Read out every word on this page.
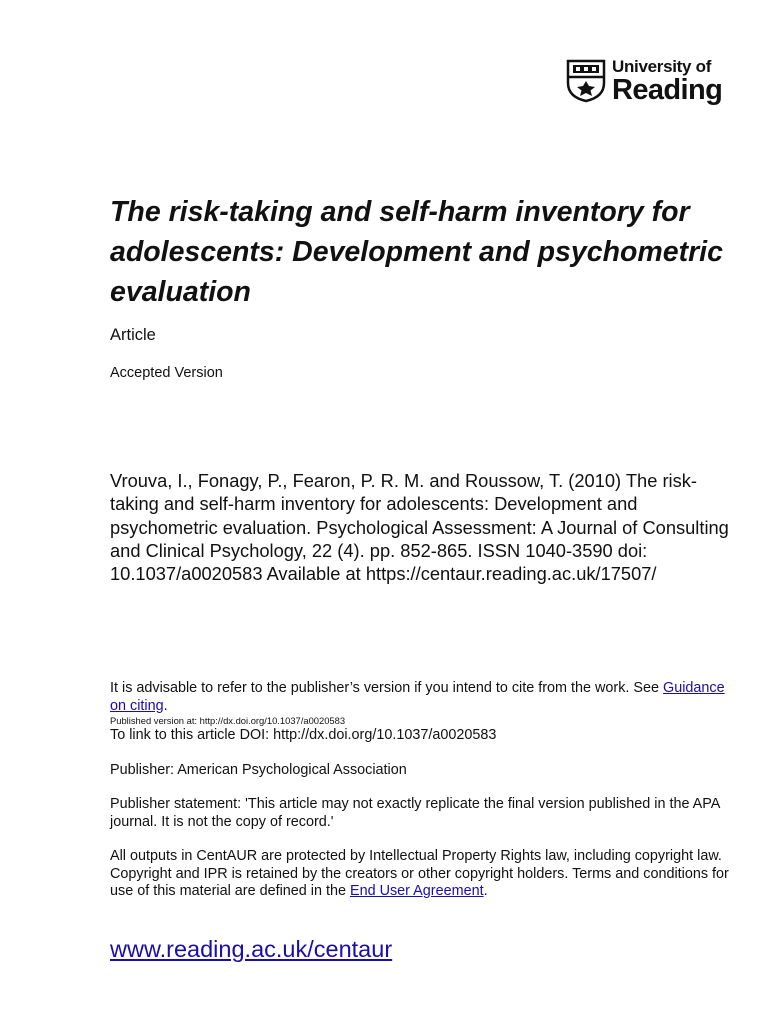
University of
Reading
The risk-taking and self-harm inventory for adolescents: Development and psychometric evaluation

Article

Accepted Version

Vrouva, I., Fonagy, P., Fearon, P. R. M. and Roussow, T. (2010) The risk-taking and self-harm inventory for adolescents: Development and psychometric evaluation. Psychological Assessment: A Journal of Consulting and Clinical Psychology, 22 (4). pp. 852-865. ISSN 1040-3590 doi: 10.1037/a0020583 Available at https://centaur.reading.ac.uk/17507/

It is advisable to refer to the publisher’s version if you intend to cite from the work. See Guidance on citing.

Published version at: http://dx.doi.org/10.1037/a0020583

To link to this article DOI: http://dx.doi.org/10.1037/a0020583

Publisher: American Psychological Association

Publisher statement: 'This article may not exactly replicate the final version published in the APA journal. It is not the copy of record.'

All outputs in CentAUR are protected by Intellectual Property Rights law, including copyright law. Copyright and IPR is retained by the creators or other copyright holders. Terms and conditions for use of this material are defined in the End User Agreement.

www.reading.ac.uk/centaur
